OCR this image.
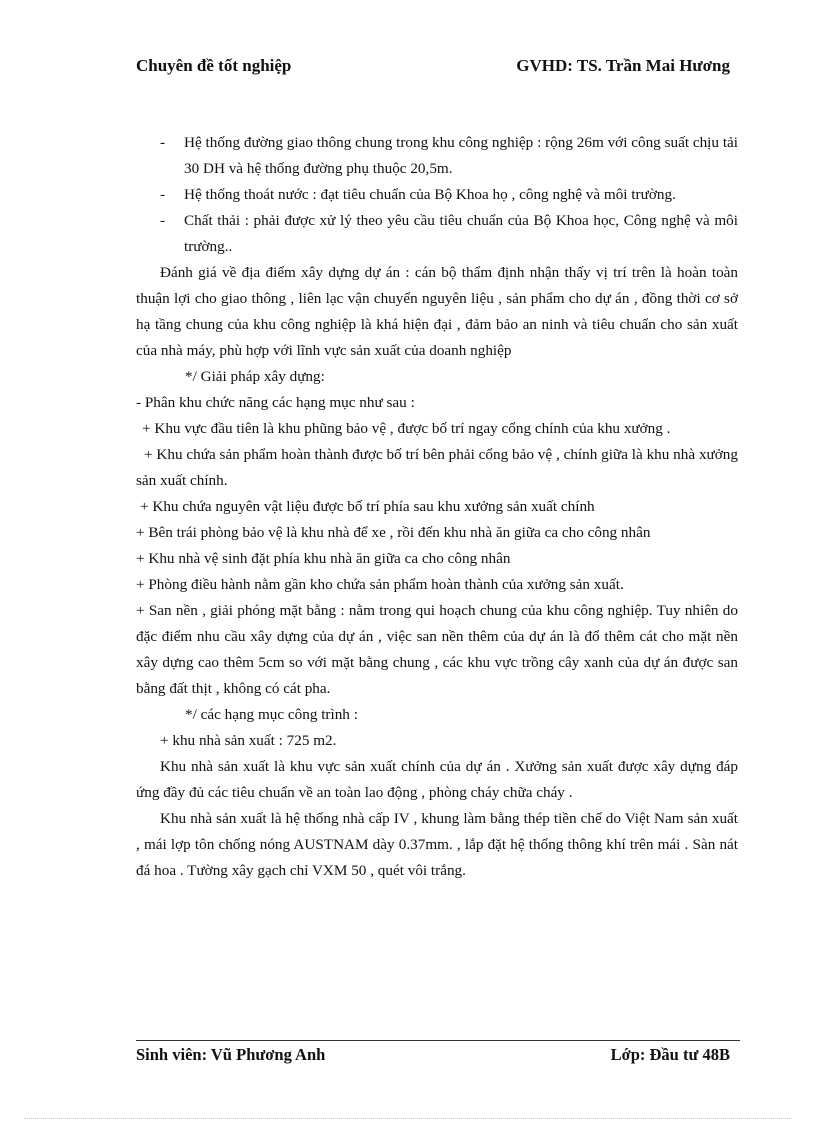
Chuyên đề tốt nghiệp	GVHD: TS. Trần Mai Hương
- Hệ thống đường giao thông chung trong khu công nghiệp : rộng 26m với công suất chịu tải 30 DH và hệ thống đường phụ thuộc 20,5m.
- Hệ thống thoát nước : đạt tiêu chuẩn của Bộ Khoa họ , công nghệ và môi trường.
- Chất thải : phải được xử lý theo yêu cầu tiêu chuẩn của Bộ Khoa học, Công nghệ và môi trường..

Đánh giá về địa điểm xây dựng dự án : cán bộ thẩm định nhận thấy vị trí trên là hoàn toàn thuận lợi cho giao thông , liên lạc vận chuyển nguyên liệu , sản phẩm cho dự án , đồng thời cơ sở hạ tầng chung của khu công nghiệp là khá hiện đại , đảm bảo an ninh và tiêu chuẩn cho sản xuất của nhà máy, phù hợp với lĩnh vực sản xuất của doanh nghiệp

*/ Giải pháp xây dựng:

- Phân khu chức năng các hạng mục như sau :

+ Khu vực đầu tiên là khu phũng bảo vệ , được bố trí ngay cổng chính của khu xưởng .

+ Khu chứa sản phẩm hoàn thành được bố trí bên phải cổng bảo vệ , chính giữa là khu nhà xưởng sản xuất chính.

+ Khu chứa nguyên vật liệu được bố trí phía sau khu xưởng sản xuất chính

+ Bên trái phòng bảo vệ là khu nhà để xe , rồi đến khu nhà ăn giữa ca cho công nhân

+ Khu nhà vệ sinh đặt phía khu nhà ăn giữa ca cho công nhân

+ Phòng điều hành nằm gần kho chứa sản phẩm hoàn thành của xưởng sản xuất.

+ San nền , giải phóng mặt bằng : nằm trong qui hoạch chung của khu công nghiệp. Tuy nhiên do đặc điểm nhu cầu xây dựng của dự án , việc san nền thêm của dự án là đổ thêm cát cho mặt nền xây dựng cao thêm 5cm so với mặt bằng chung , các khu vực trồng cây xanh của dự án được san bằng đất thịt , không có cát pha.

*/ các hạng mục công trình :

+ khu nhà sản xuất : 725 m2.

Khu nhà sản xuất là khu vực sản xuất chính của dự án . Xưởng sản xuất được xây dựng đáp ứng đầy đủ các tiêu chuẩn về an toàn lao động , phòng cháy chữa cháy .

Khu nhà sản xuất là hệ thống nhà cấp IV , khung làm bằng thép tiền chế do Việt Nam sản xuất , mái lợp tôn chống nóng AUSTNAM dày 0.37mm. , lắp đặt hệ thống thông khí trên mái . Sàn nát đá hoa . Tường xây gạch chỉ VXM 50 , quét vôi trắng.

Sinh viên: Vũ Phương Anh	Lớp: Đầu tư 48B
